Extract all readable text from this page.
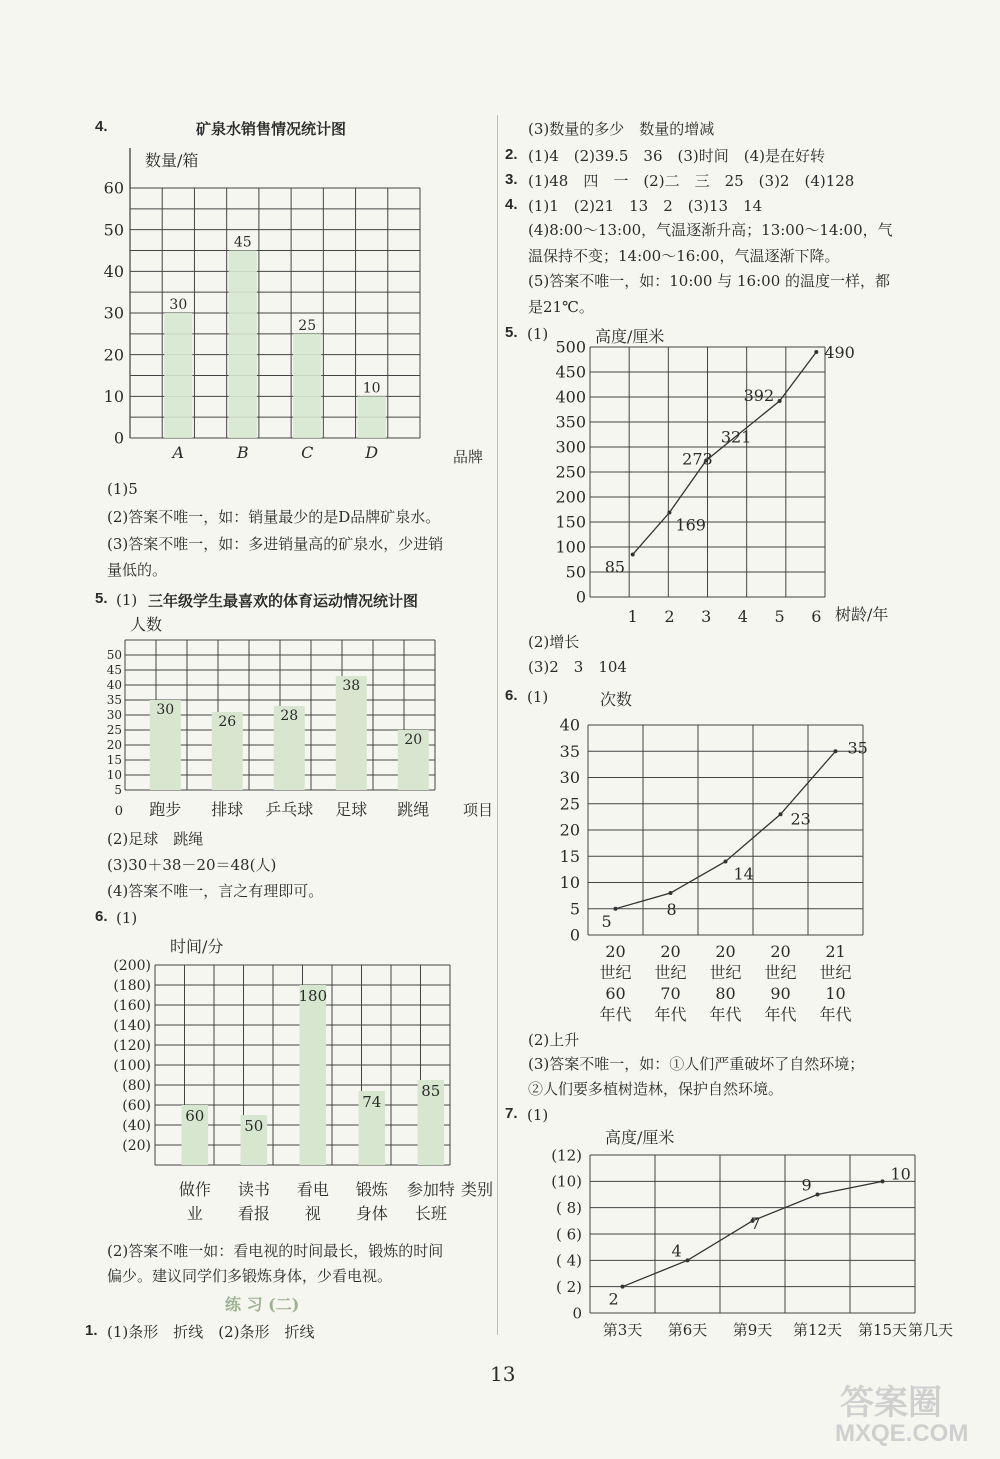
4.	矿泉水销售情况统计图
数量/箱
0
10
20
30
40
50
60
30
A
45
B
25
C
10
D	品牌
(1)5
(2)答案不唯一，如：销量最少的是D品牌矿泉水。
(3)答案不唯一，如：多进销量高的矿泉水，少进销
量低的。
5. (1) 三年级学生最喜欢的体育运动情况统计图
人数
5
10
15
20
25
30
35
40
45
50
0
30
跑步
26
排球
28
乒乓球
38
足球
20
跳绳 项目
(2)足球　跳绳
(3)30＋38－20＝48(人)
(4)答案不唯一，言之有理即可。
6. (1)
时间/分
(20)
(40)
(60)
(80)
(100)
(120)
(140)
(160)
(180)
(200)
60
做作
业
50
读书
看报
180
看电
视
74
锻炼
身体
85
参加特
长班
类别
(2)答案不唯一如：看电视的时间最长，锻炼的时间
偏少。建议同学们多锻炼身体，少看电视。
练 习 (二)
1. (1)条形　折线　(2)条形　折线
2.
3.
4.
(3)数量的多少　数量的增减
(1)4　(2)39.5　36　(3)时间　(4)是在好转
(1)48　四　一　(2)二　三　25　(3)2　(4)128
(1)1　(2)21　13　2　(3)13　14
(4)8:00～13:00，气温逐渐升高；13:00～14:00，气
温保持不变；14:00～16:00，气温逐渐下降。
(5)答案不唯一，如：10:00 与 16:00 的温度一样，都
是21℃。
5. (1)	高度/厘米
0
50
100
150
200
250
300
350
400
450
500
1 2 3 4 5 6
85
169
273
392
490
321
树龄/年
(2)增长
(3)2　3　104
6. (1)	次数
0
5
10
15
20
25
30
35
40
20
世纪
60
年代
20
世纪
70
年代
20
世纪
80
年代
20
世纪
90
年代
21
世纪
10
年代
5
8
14
23
35
(2)上升
(3)答案不唯一，如：①人们严重破坏了自然环境；
②人们要多植树造林，保护自然环境。
7. (1)
高度/厘米
0
( 2)
( 4)
( 6)
( 8)
(10)
(12)
第3天 第6天 第9天 第12天 第15天
2
4
7
9
10
第几天
13
答案圈
MXQE.COM
